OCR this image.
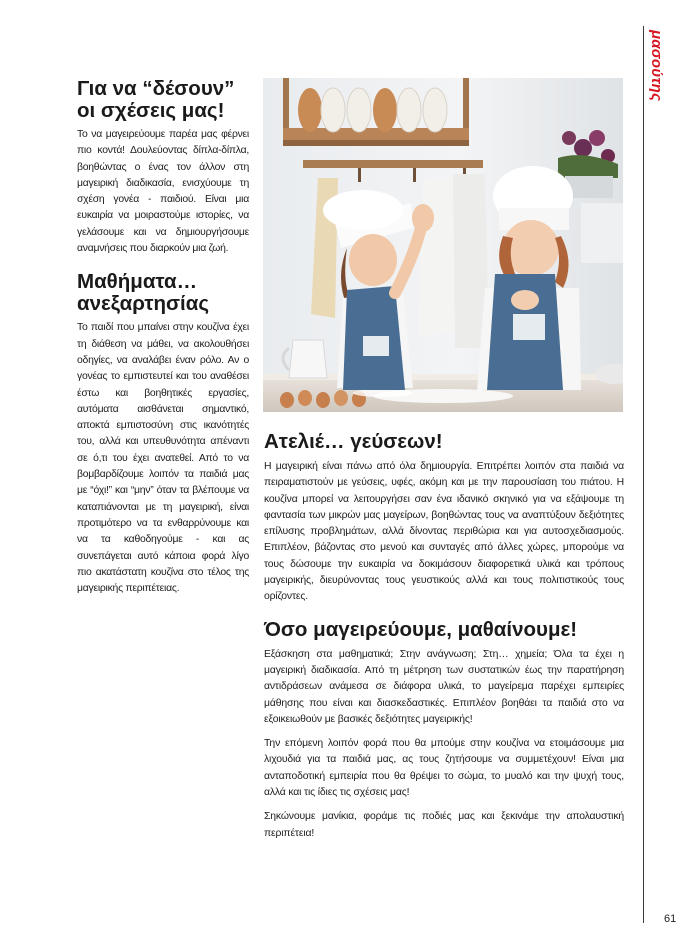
μασούτης
Για να “δέσουν” οι σχέσεις μας!

Το να μαγειρεύουμε παρέα μας φέρνει πιο κοντά! Δουλεύοντας δίπλα-δίπλα, βοηθώντας ο ένας τον άλλον στη μαγειρική διαδικασία, ενισχύουμε τη σχέση γονέα - παιδιού. Είναι μια ευκαιρία να μοιραστούμε ιστορίες, να γελάσουμε και να δημιουργήσουμε αναμνήσεις που διαρκούν μια ζωή.

Μαθήματα… ανεξαρτησίας

Το παιδί που μπαίνει στην κουζίνα έχει τη διάθεση να μάθει, να ακολουθήσει οδηγίες, να αναλάβει έναν ρόλο. Αν ο γονέας το εμπιστευτεί και του αναθέσει έστω και βοηθητικές εργασίες, αυτόματα αισθάνεται σημαντικό, αποκτά εμπιστοσύνη στις ικανότητές του, αλλά και υπευθυνότητα απέναντι σε ό,τι του έχει ανατεθεί. Από το να βομβαρδίζουμε λοιπόν τα παιδιά μας με “όχι!” και “μην” όταν τα βλέπουμε να καταπιάνονται με τη μαγειρική, είναι προτιμότερο να τα ενθαρρύνουμε και να τα καθοδηγούμε - και ας συνεπάγεται αυτό κάποια φορά λίγο πιο ακατάστατη κουζίνα στο τέλος της μαγειρικής περιπέτειας.

Ατελιέ… γεύσεων!

Η μαγειρική είναι πάνω από όλα δημιουργία. Επιτρέπει λοιπόν στα παιδιά να πειραματιστούν με γεύσεις, υφές, ακόμη και με την παρουσίαση του πιάτου. Η κουζίνα μπορεί να λειτουργήσει σαν ένα ιδανικό σκηνικό για να εξάψουμε τη φαντασία των μικρών μας μαγείρων, βοηθώντας τους να αναπτύξουν δεξιότητες επίλυσης προβλημάτων, αλλά δίνοντας περιθώρια και για αυτοσχεδιασμούς. Επιπλέον, βάζοντας στο μενού και συνταγές από άλλες χώρες, μπορούμε να τους δώσουμε την ευκαιρία να δοκιμάσουν διαφορετικά υλικά και τρόπους μαγειρικής, διευρύνοντας τους γευστικούς αλλά και τους πολιτιστικούς τους ορίζοντες.

Όσο μαγειρεύουμε, μαθαίνουμε!

Εξάσκηση στα μαθηματικά; Στην ανάγνωση; Στη… χημεία; Όλα τα έχει η μαγειρική διαδικασία. Από τη μέτρηση των συστατικών έως την παρατήρηση αντιδράσεων ανάμεσα σε διάφορα υλικά, το μαγείρεμα παρέχει εμπειρίες μάθησης που είναι και διασκεδαστικές. Επιπλέον βοηθάει τα παιδιά στο να εξοικειωθούν με βασικές δεξιότητες μαγειρικής!

Την επόμενη λοιπόν φορά που θα μπούμε στην κουζίνα να ετοιμάσουμε μια λιχουδιά για τα παιδιά μας, ας τους ζητήσουμε να συμμετέχουν! Είναι μια ανταποδοτική εμπειρία που θα θρέψει το σώμα, το μυαλό και την ψυχή τους, αλλά και τις ίδιες τις σχέσεις μας!

Σηκώνουμε μανίκια, φοράμε τις ποδιές μας και ξεκινάμε την απολαυστική περιπέτεια!

61
